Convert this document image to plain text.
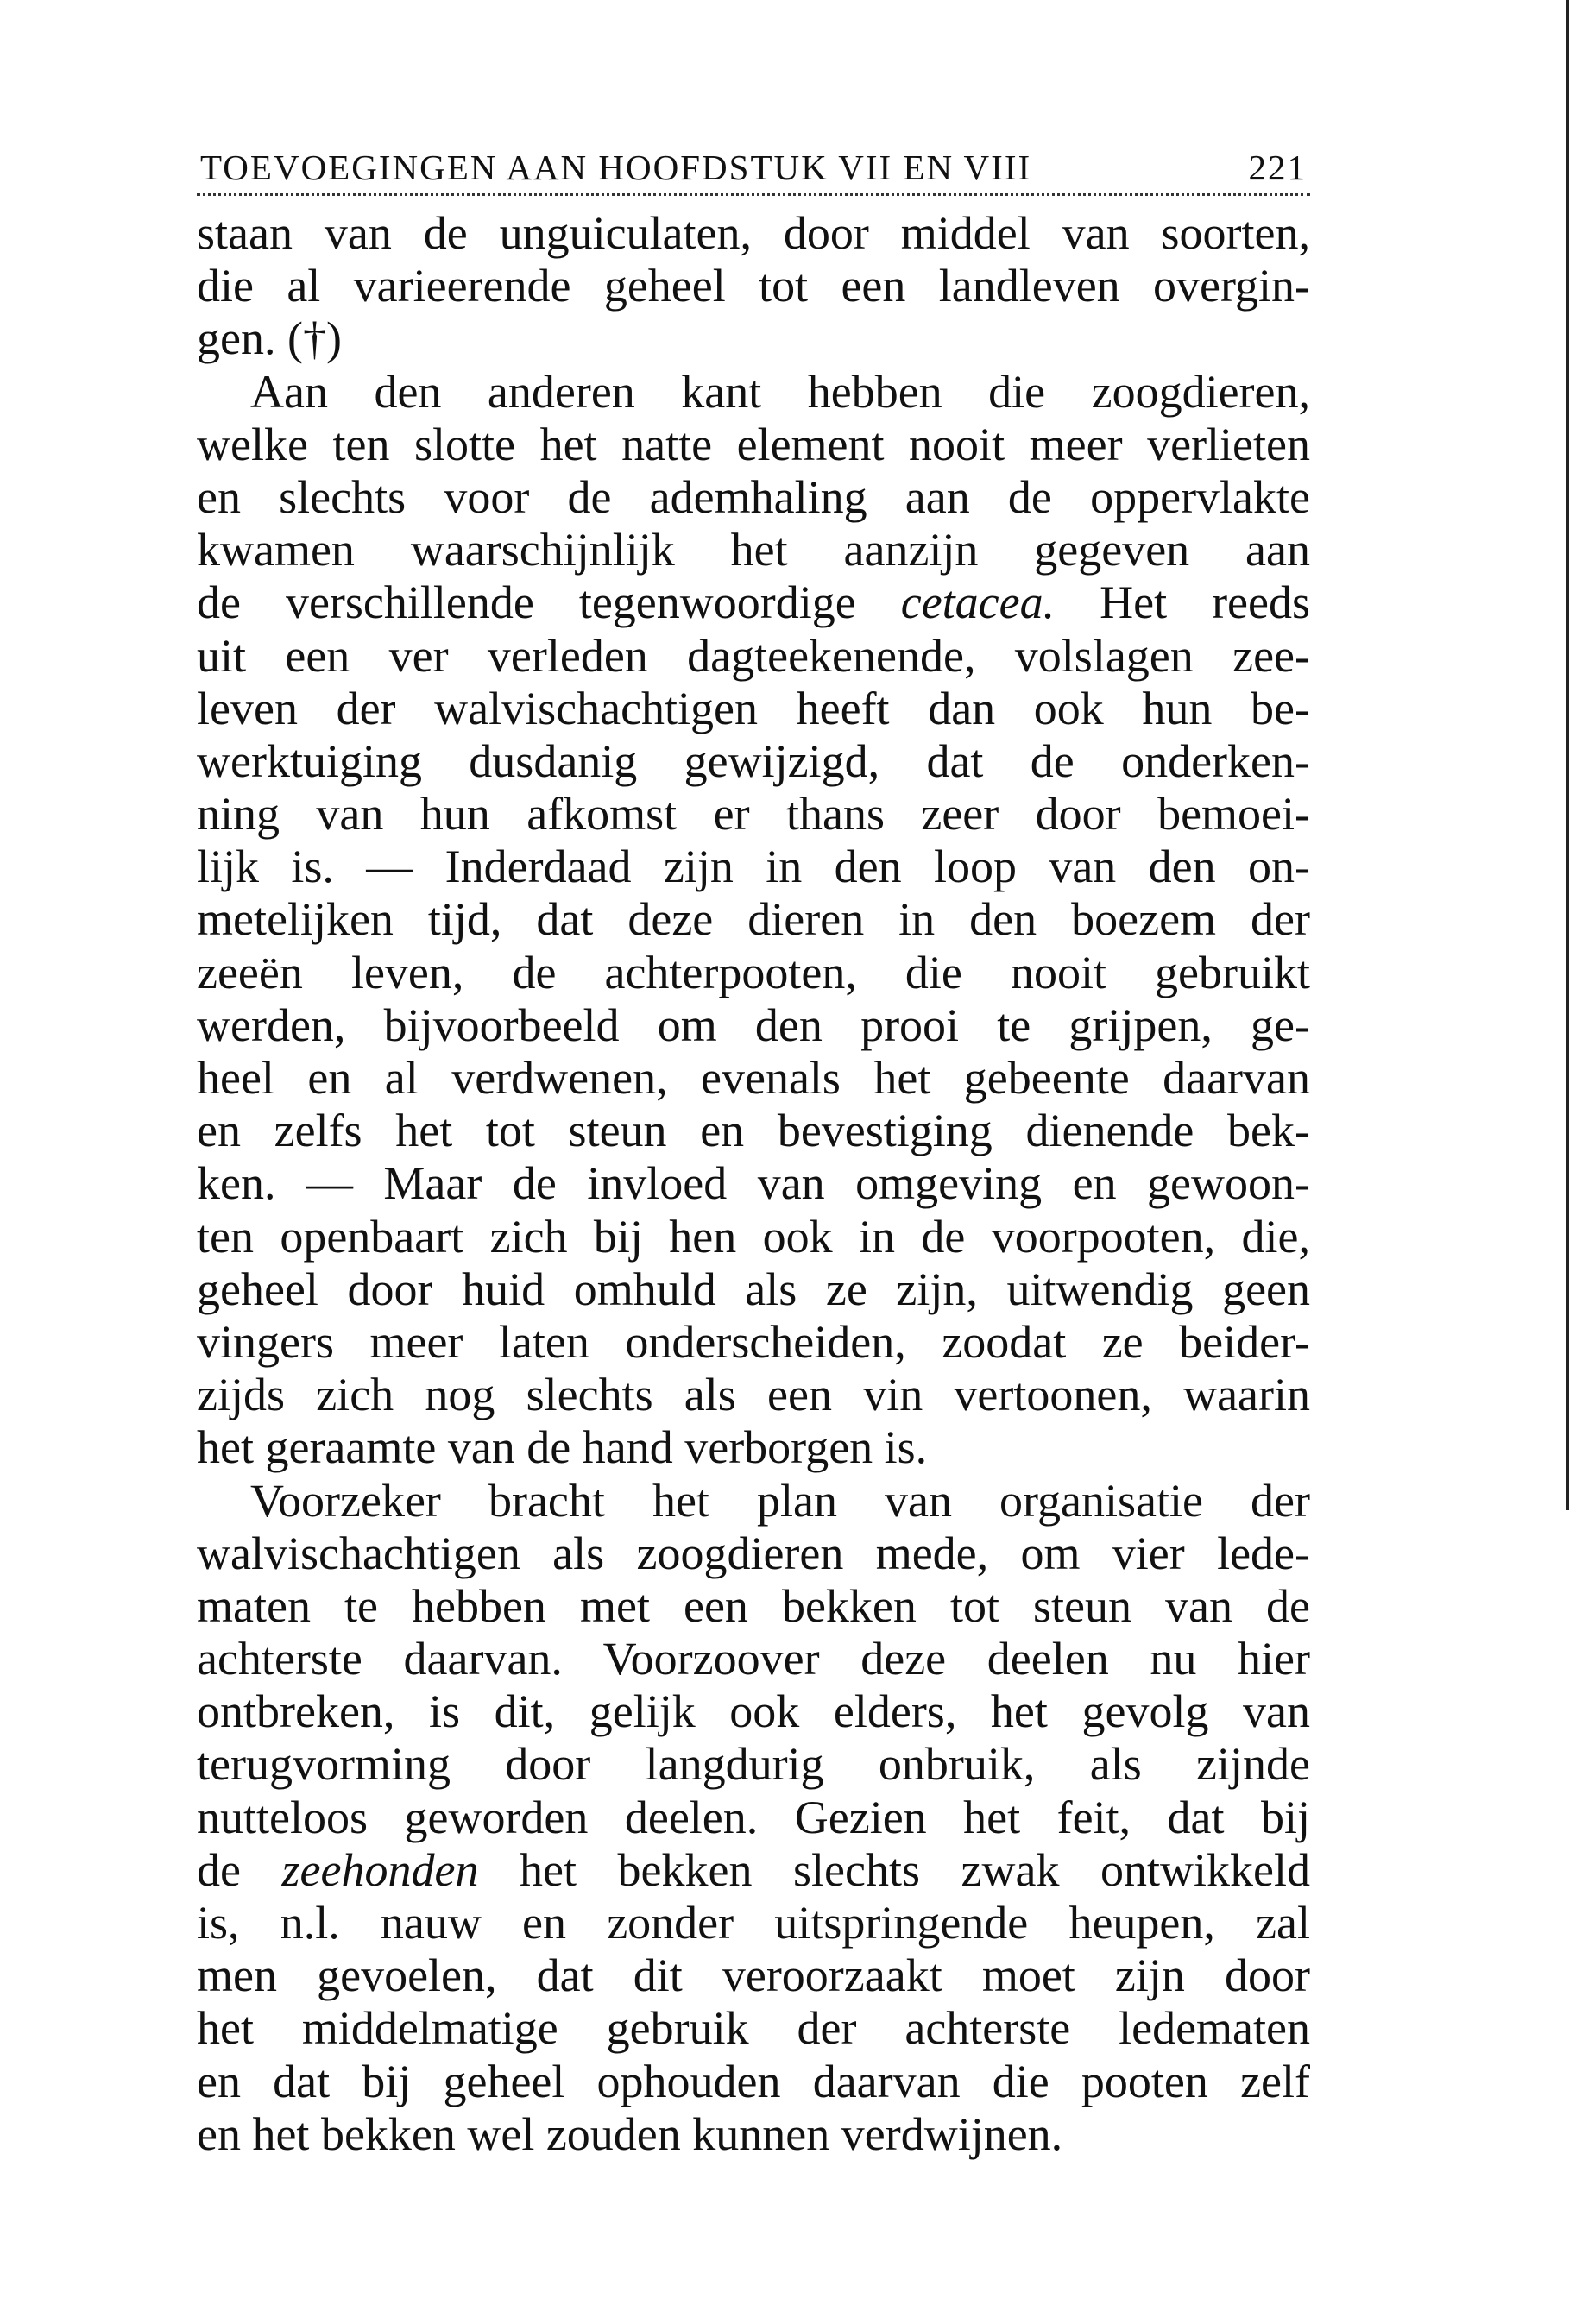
TOEVOEGINGEN AAN HOOFDSTUK VII EN VIII	221
staan van de unguiculaten, door middel van soorten,
die al varieerende geheel tot een landleven overgin-
gen. (†)
Aan den anderen kant hebben die zoogdieren,
welke ten slotte het natte element nooit meer verlieten
en slechts voor de ademhaling aan de oppervlakte
kwamen waarschijnlijk het aanzijn gegeven aan
de verschillende tegenwoordige cetacea. Het reeds
uit een ver verleden dagteekenende, volslagen zee-
leven der walvischachtigen heeft dan ook hun be-
werktuiging dusdanig gewijzigd, dat de onderken-
ning van hun afkomst er thans zeer door bemoei-
lijk is. — Inderdaad zijn in den loop van den on-
metelijken tijd, dat deze dieren in den boezem der
zeeën leven, de achterpooten, die nooit gebruikt
werden, bijvoorbeeld om den prooi te grijpen, ge-
heel en al verdwenen, evenals het gebeente daarvan
en zelfs het tot steun en bevestiging dienende bek-
ken. — Maar de invloed van omgeving en gewoon-
ten openbaart zich bij hen ook in de voorpooten, die,
geheel door huid omhuld als ze zijn, uitwendig geen
vingers meer laten onderscheiden, zoodat ze beider-
zijds zich nog slechts als een vin vertoonen, waarin
het geraamte van de hand verborgen is.
Voorzeker bracht het plan van organisatie der
walvischachtigen als zoogdieren mede, om vier lede-
maten te hebben met een bekken tot steun van de
achterste daarvan. Voorzoover deze deelen nu hier
ontbreken, is dit, gelijk ook elders, het gevolg van
terugvorming door langdurig onbruik, als zijnde
nutteloos geworden deelen. Gezien het feit, dat bij
de zeehonden het bekken slechts zwak ontwikkeld
is, n.l. nauw en zonder uitspringende heupen, zal
men gevoelen, dat dit veroorzaakt moet zijn door
het middelmatige gebruik der achterste ledematen
en dat bij geheel ophouden daarvan die pooten zelf
en het bekken wel zouden kunnen verdwijnen.
